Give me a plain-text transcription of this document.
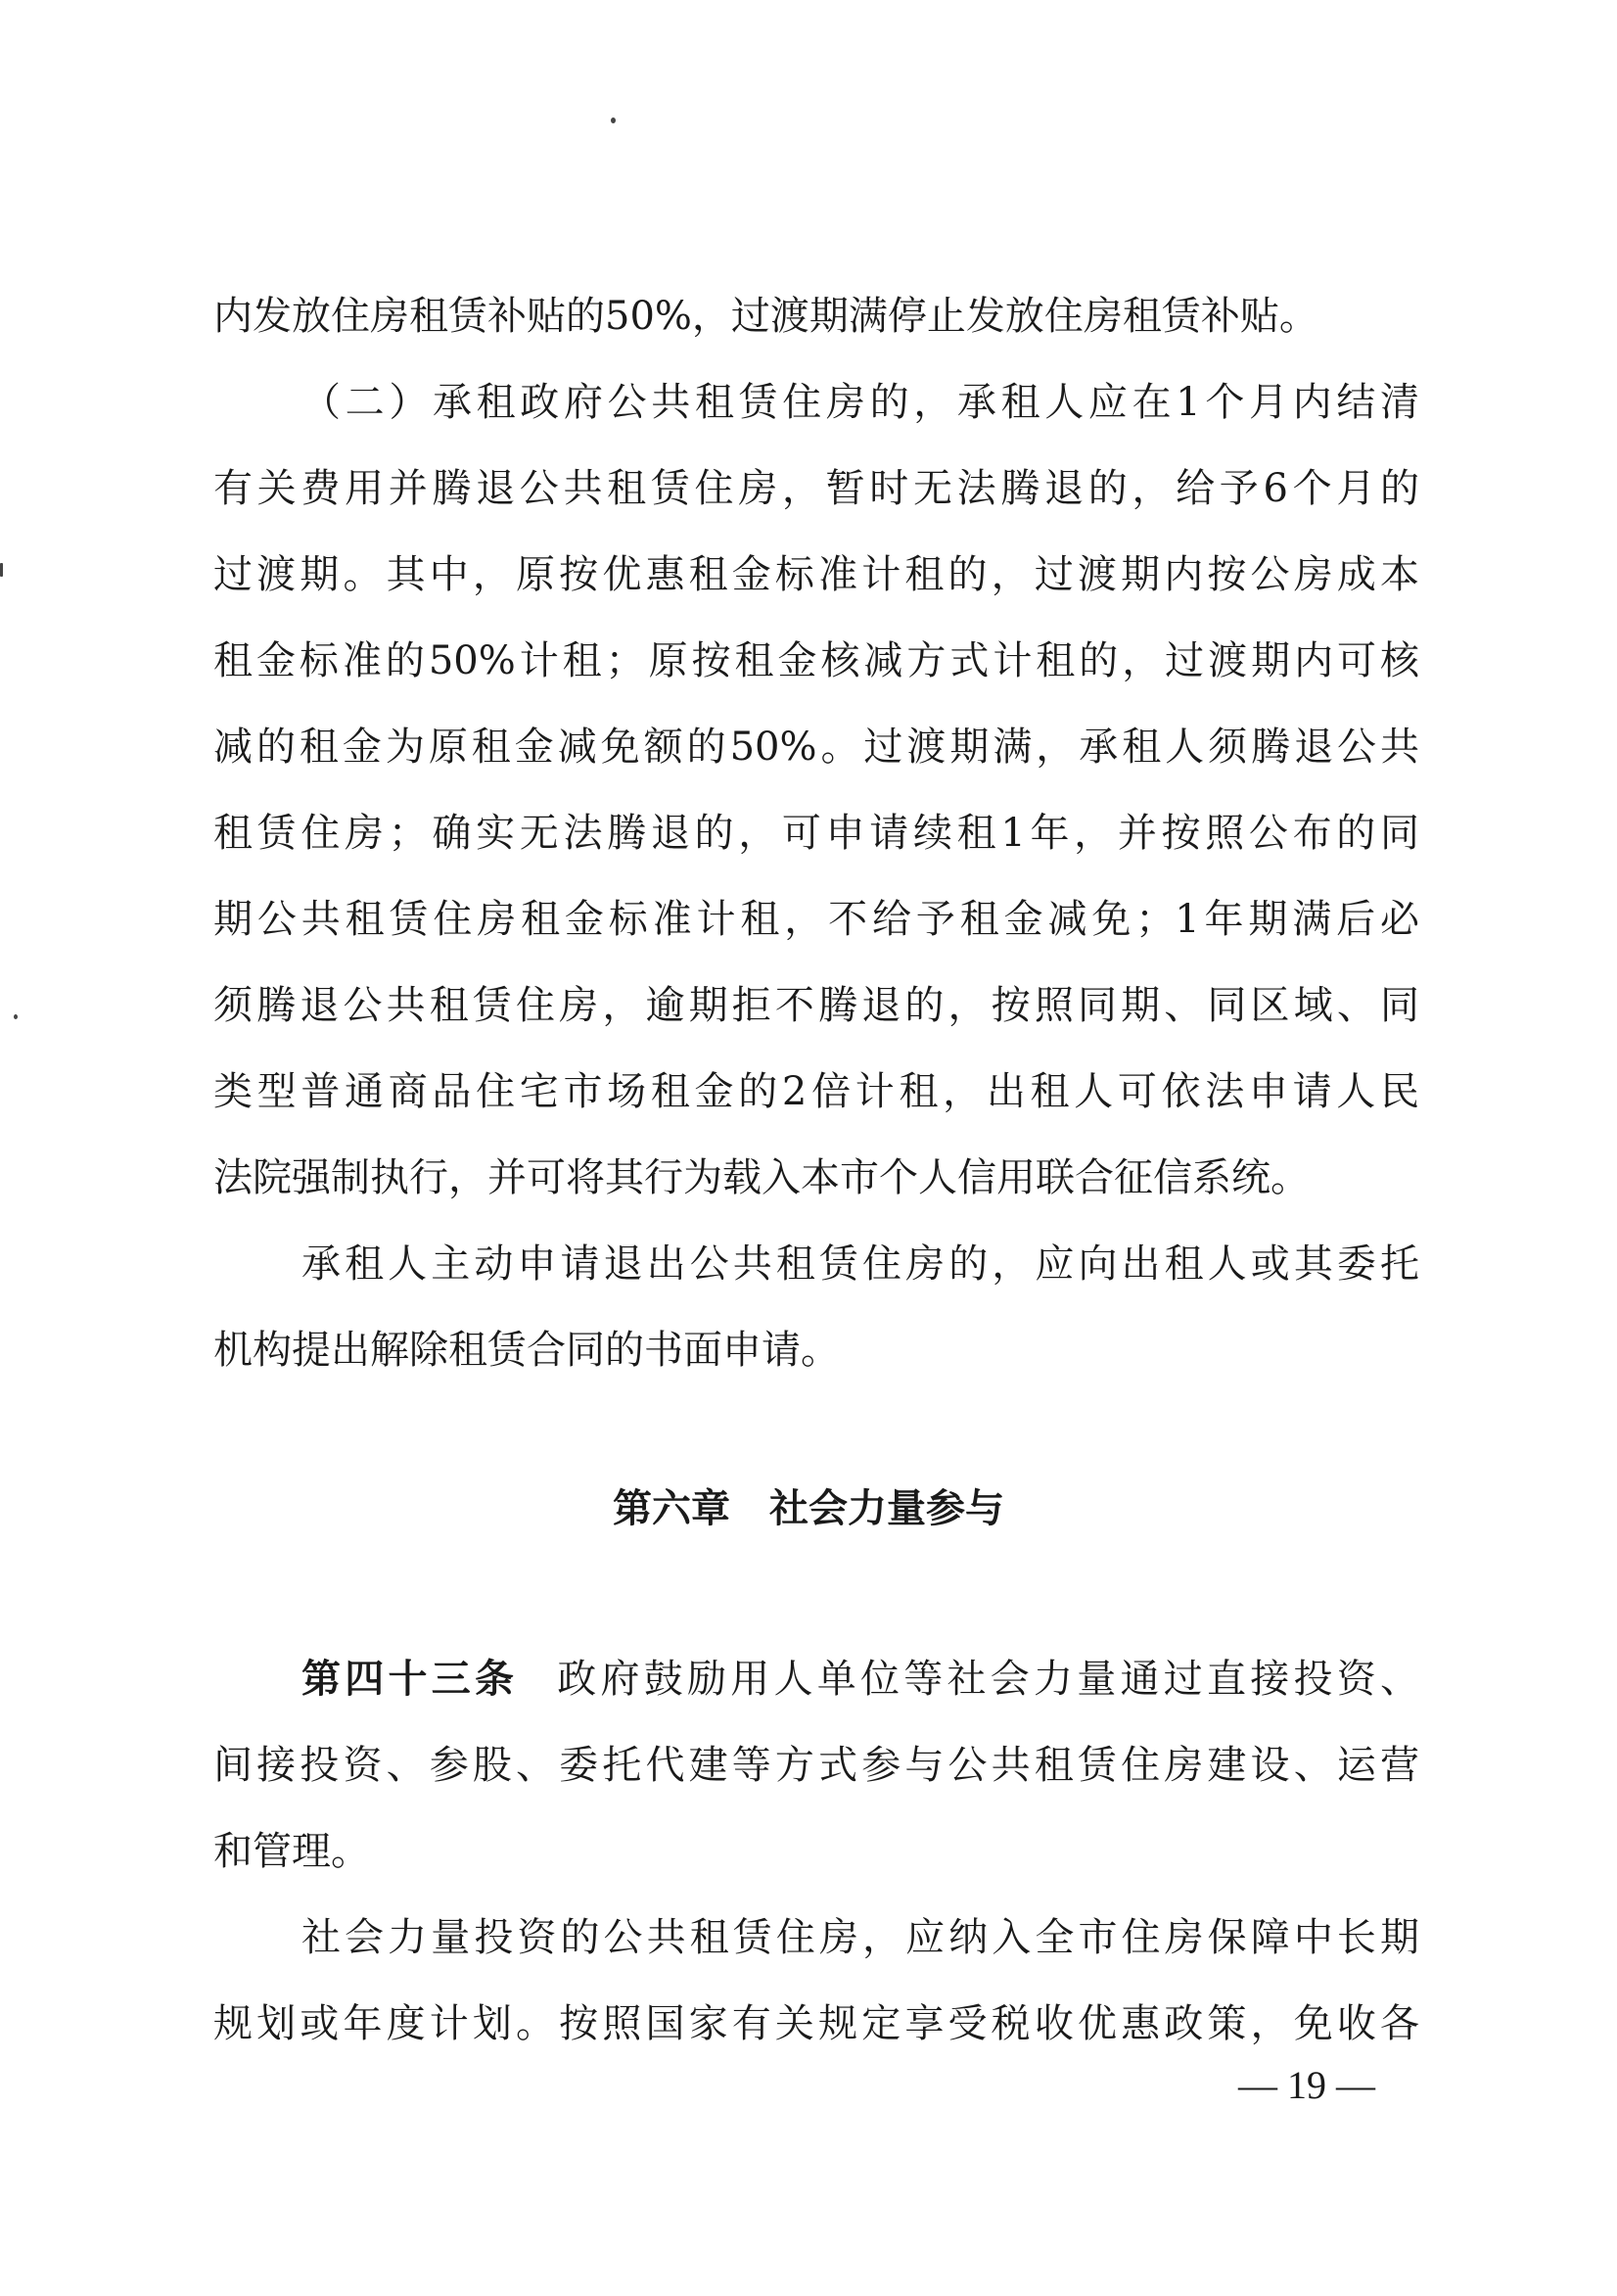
内发放住房租赁补贴的50%，过渡期满停止发放住房租赁补贴。
（二）承租政府公共租赁住房的，承租人应在1个月内结清
有关费用并腾退公共租赁住房，暂时无法腾退的，给予6个月的
过渡期。其中，原按优惠租金标准计租的，过渡期内按公房成本
租金标准的50%计租；原按租金核减方式计租的，过渡期内可核
减的租金为原租金减免额的50%。过渡期满，承租人须腾退公共
租赁住房；确实无法腾退的，可申请续租1年，并按照公布的同
期公共租赁住房租金标准计租，不给予租金减免；1年期满后必
须腾退公共租赁住房，逾期拒不腾退的，按照同期、同区域、同
类型普通商品住宅市场租金的2倍计租，出租人可依法申请人民
法院强制执行，并可将其行为载入本市个人信用联合征信系统。
承租人主动申请退出公共租赁住房的，应向出租人或其委托
机构提出解除租赁合同的书面申请。
第六章　社会力量参与
第四十三条 政府鼓励用人单位等社会力量通过直接投资、
间接投资、参股、委托代建等方式参与公共租赁住房建设、运营
和管理。
社会力量投资的公共租赁住房，应纳入全市住房保障中长期
规划或年度计划。按照国家有关规定享受税收优惠政策，免收各
— 19 —
